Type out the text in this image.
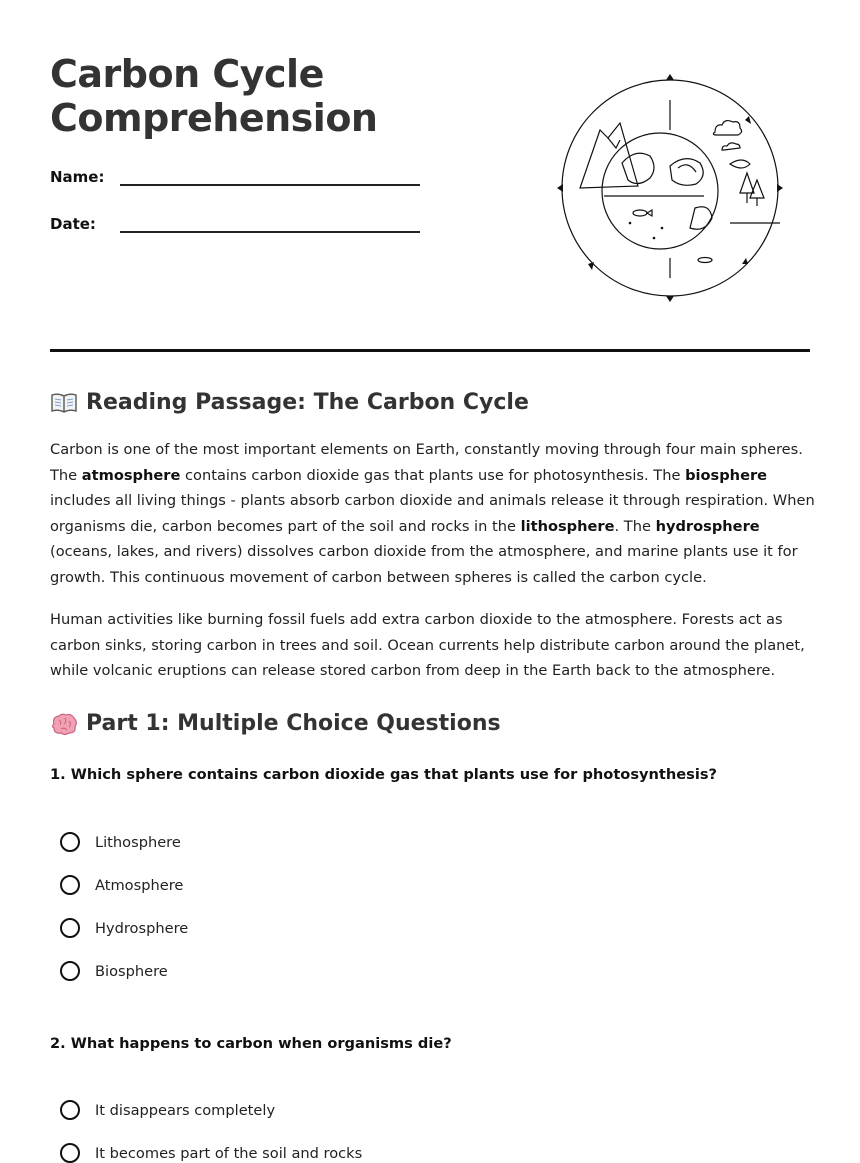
Carbon Cycle
Comprehension
Name:
Date:
Reading Passage: The Carbon Cycle

Carbon is one of the most important elements on Earth, constantly moving through four main spheres. The atmosphere contains carbon dioxide gas that plants use for photosynthesis. The biosphere includes all living things - plants absorb carbon dioxide and animals release it through respiration. When organisms die, carbon becomes part of the soil and rocks in the lithosphere. The hydrosphere (oceans, lakes, and rivers) dissolves carbon dioxide from the atmosphere, and marine plants use it for growth. This continuous movement of carbon between spheres is called the carbon cycle.

Human activities like burning fossil fuels add extra carbon dioxide to the atmosphere. Forests act as carbon sinks, storing carbon in trees and soil. Ocean currents help distribute carbon around the planet, while volcanic eruptions can release stored carbon from deep in the Earth back to the atmosphere.

Part 1: Multiple Choice Questions

1. Which sphere contains carbon dioxide gas that plants use for photosynthesis?

Lithosphere
Atmosphere
Hydrosphere
Biosphere

2. What happens to carbon when organisms die?

It disappears completely
It becomes part of the soil and rocks
